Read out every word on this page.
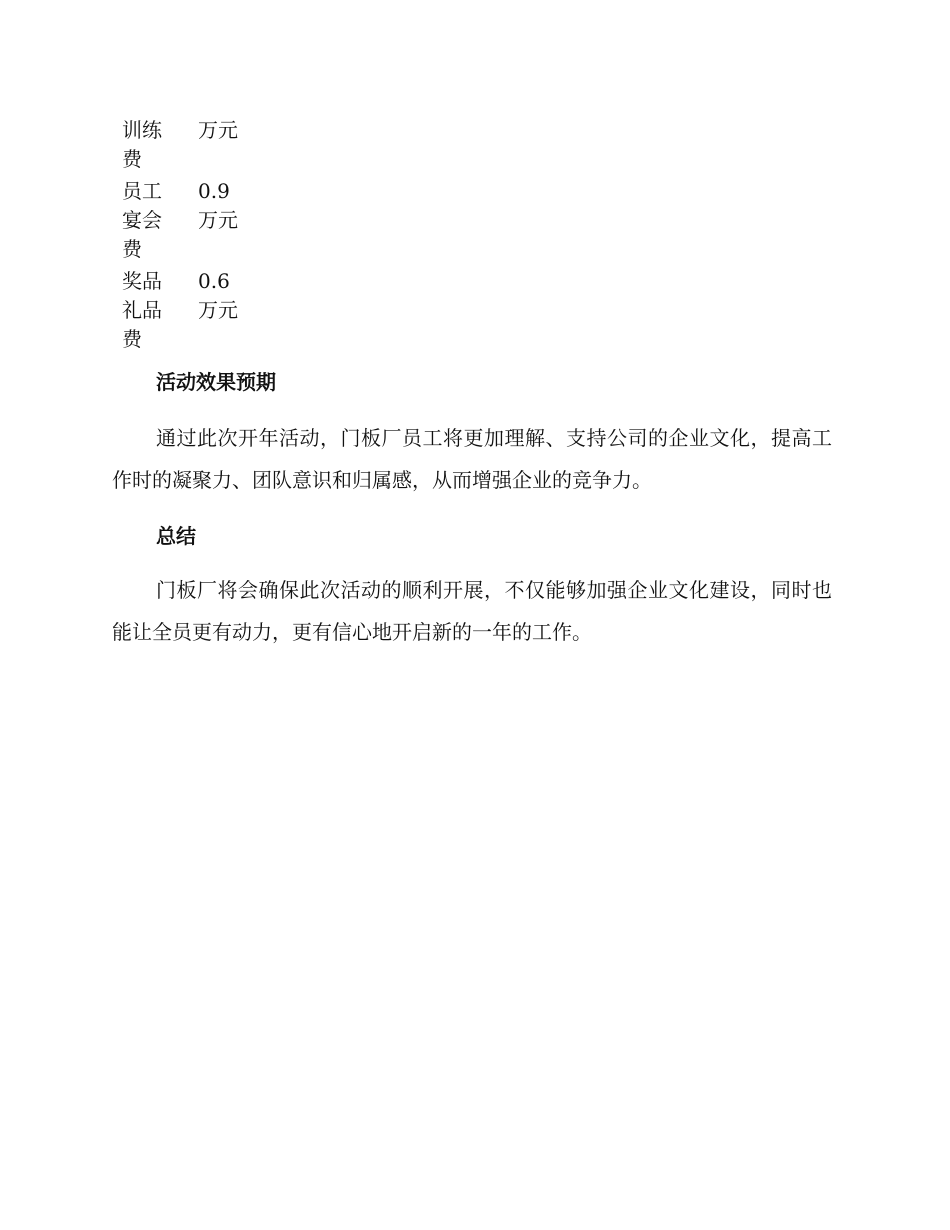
训练费		万元

员工宴会费		0.9
万元

奖品礼品费		0.6
万元
活动效果预期

通过此次开年活动，门板厂员工将更加理解、支持公司的企业文化，提高工作时的凝聚力、团队意识和归属感，从而增强企业的竞争力。

总结

门板厂将会确保此次活动的顺利开展，不仅能够加强企业文化建设，同时也能让全员更有动力，更有信心地开启新的一年的工作。
